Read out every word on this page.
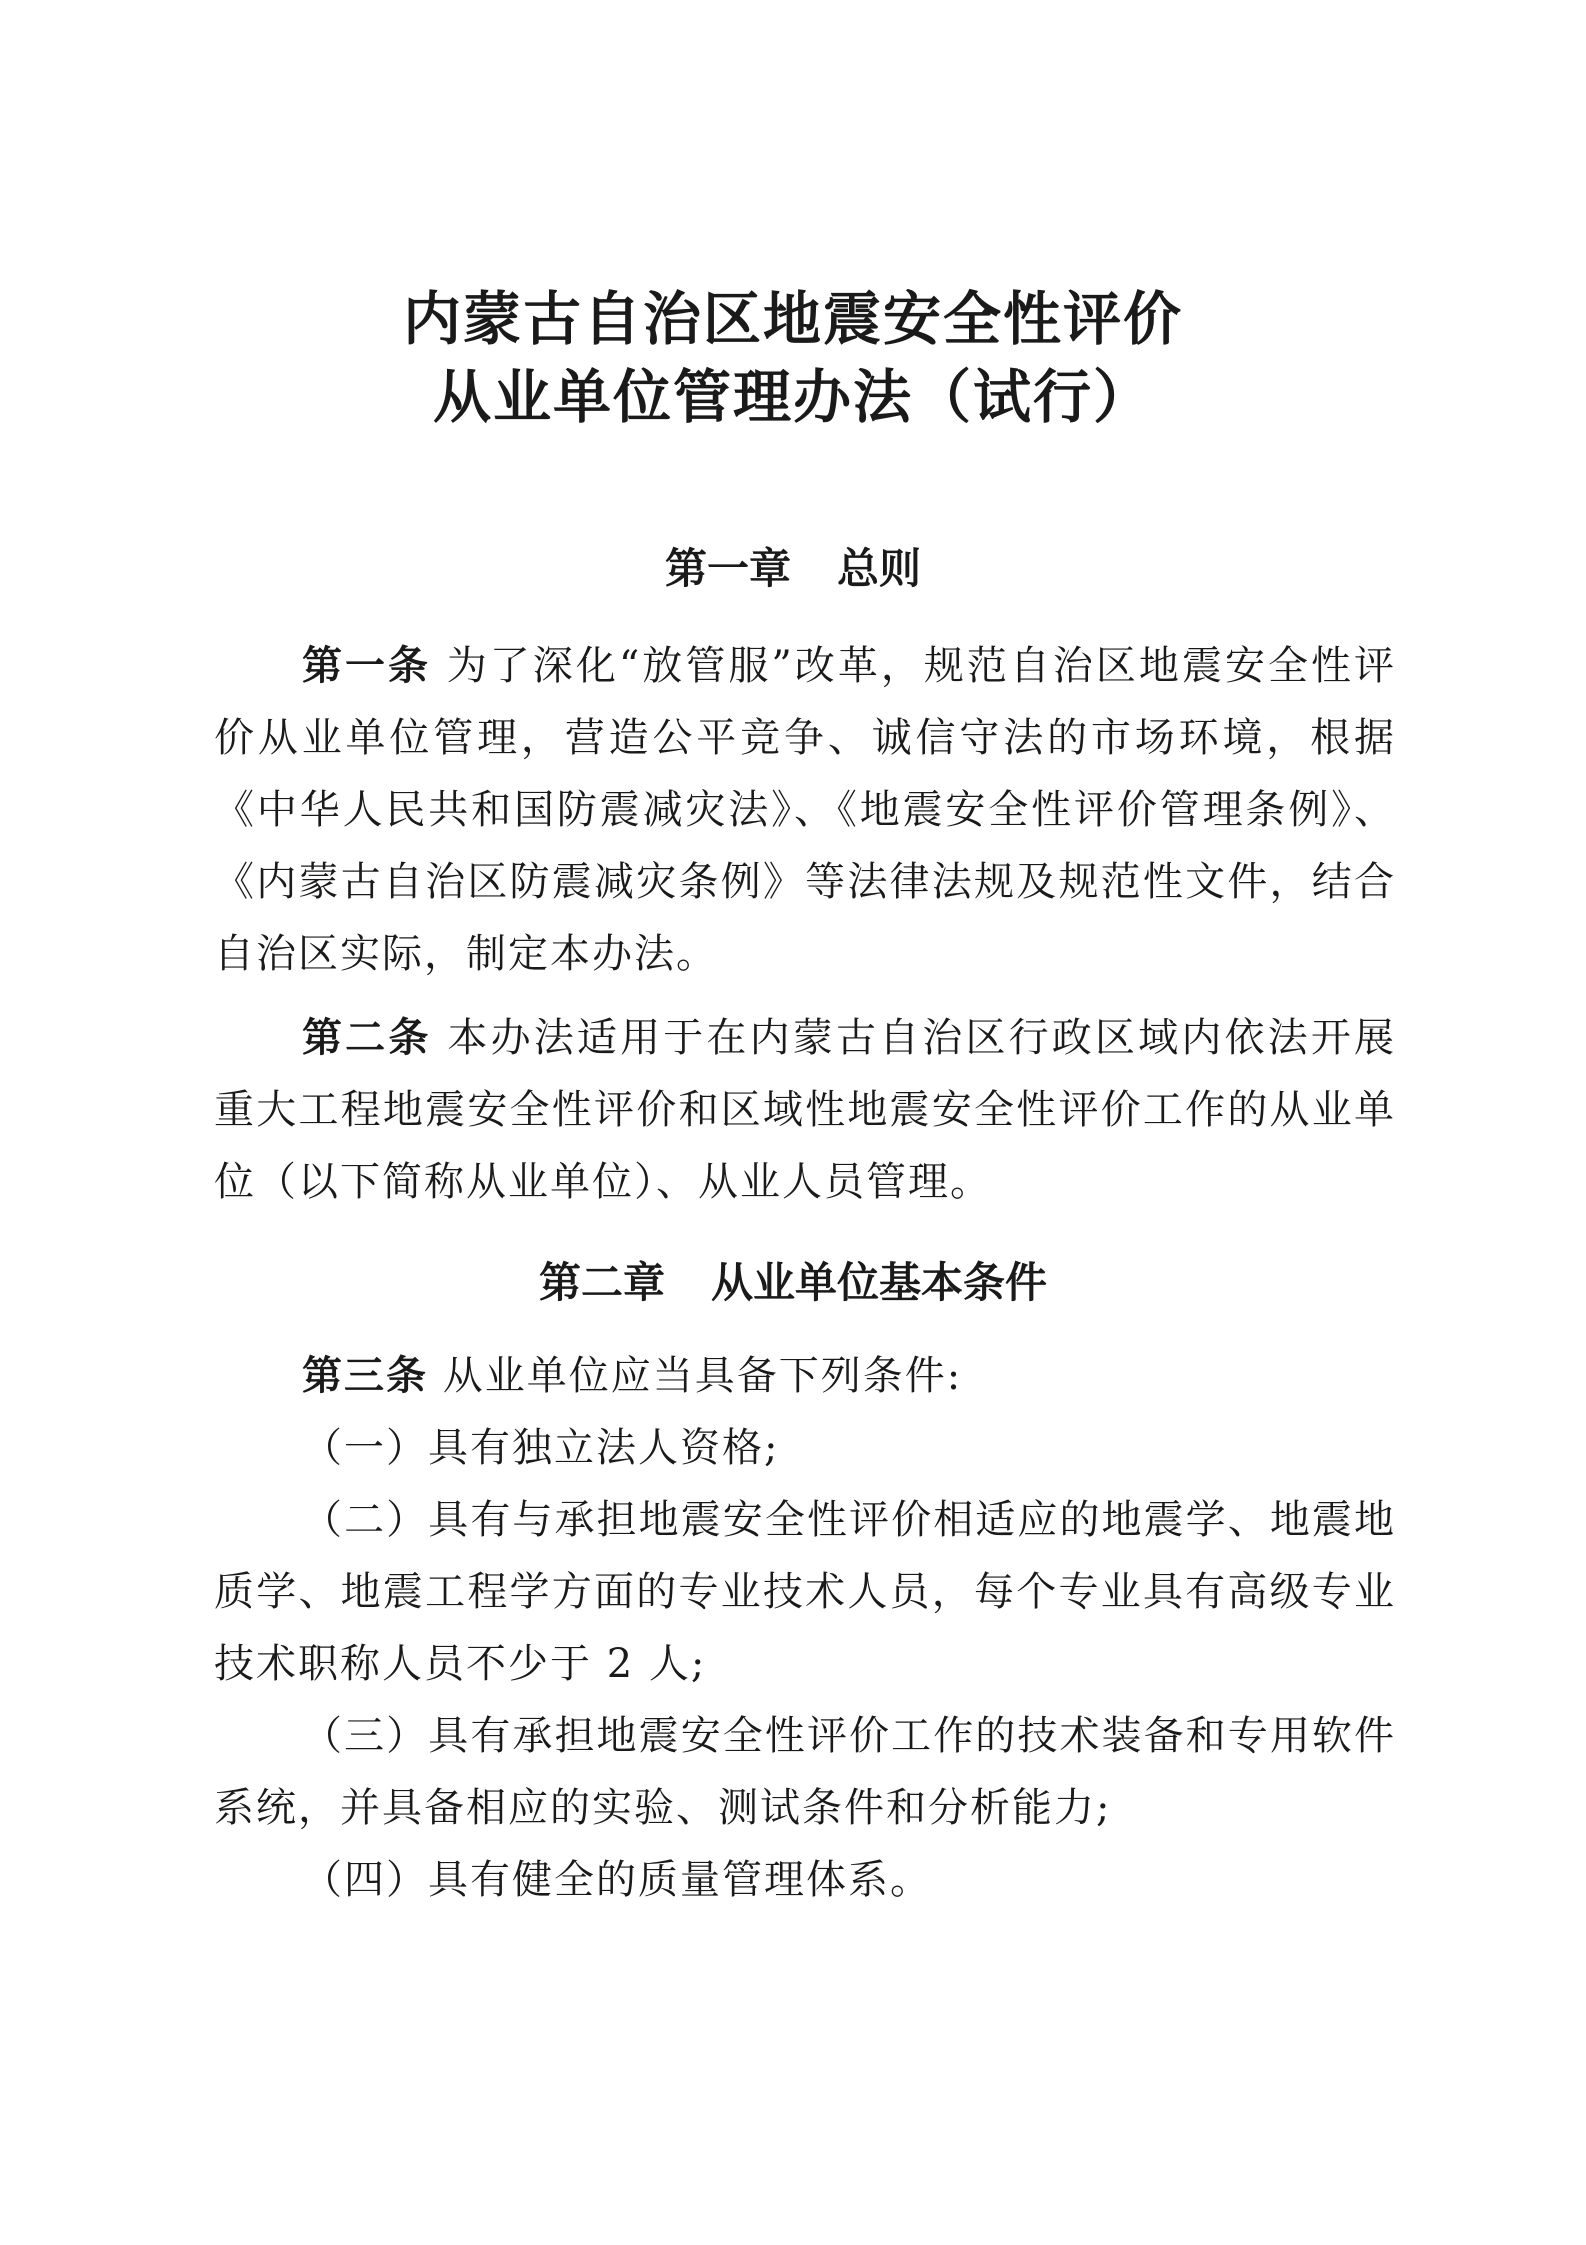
内蒙古自治区地震安全性评价
从业单位管理办法（试行）
第一章 总则

第一条 为了深化“放管服”改革，规范自治区地震安全性评价从业单位管理，营造公平竞争、诚信守法的市场环境，根据《中华人民共和国防震减灾法》、《地震安全性评价管理条例》、《内蒙古自治区防震减灾条例》等法律法规及规范性文件，结合自治区实际，制定本办法。

第二条 本办法适用于在内蒙古自治区行政区域内依法开展重大工程地震安全性评价和区域性地震安全性评价工作的从业单位（以下简称从业单位）、从业人员管理。

第二章 从业单位基本条件

第三条 从业单位应当具备下列条件:

（一）具有独立法人资格;

（二）具有与承担地震安全性评价相适应的地震学、地震地质学、地震工程学方面的专业技术人员，每个专业具有高级专业技术职称人员不少于 2 人;

（三）具有承担地震安全性评价工作的技术装备和专用软件系统，并具备相应的实验、测试条件和分析能力;

（四）具有健全的质量管理体系。
